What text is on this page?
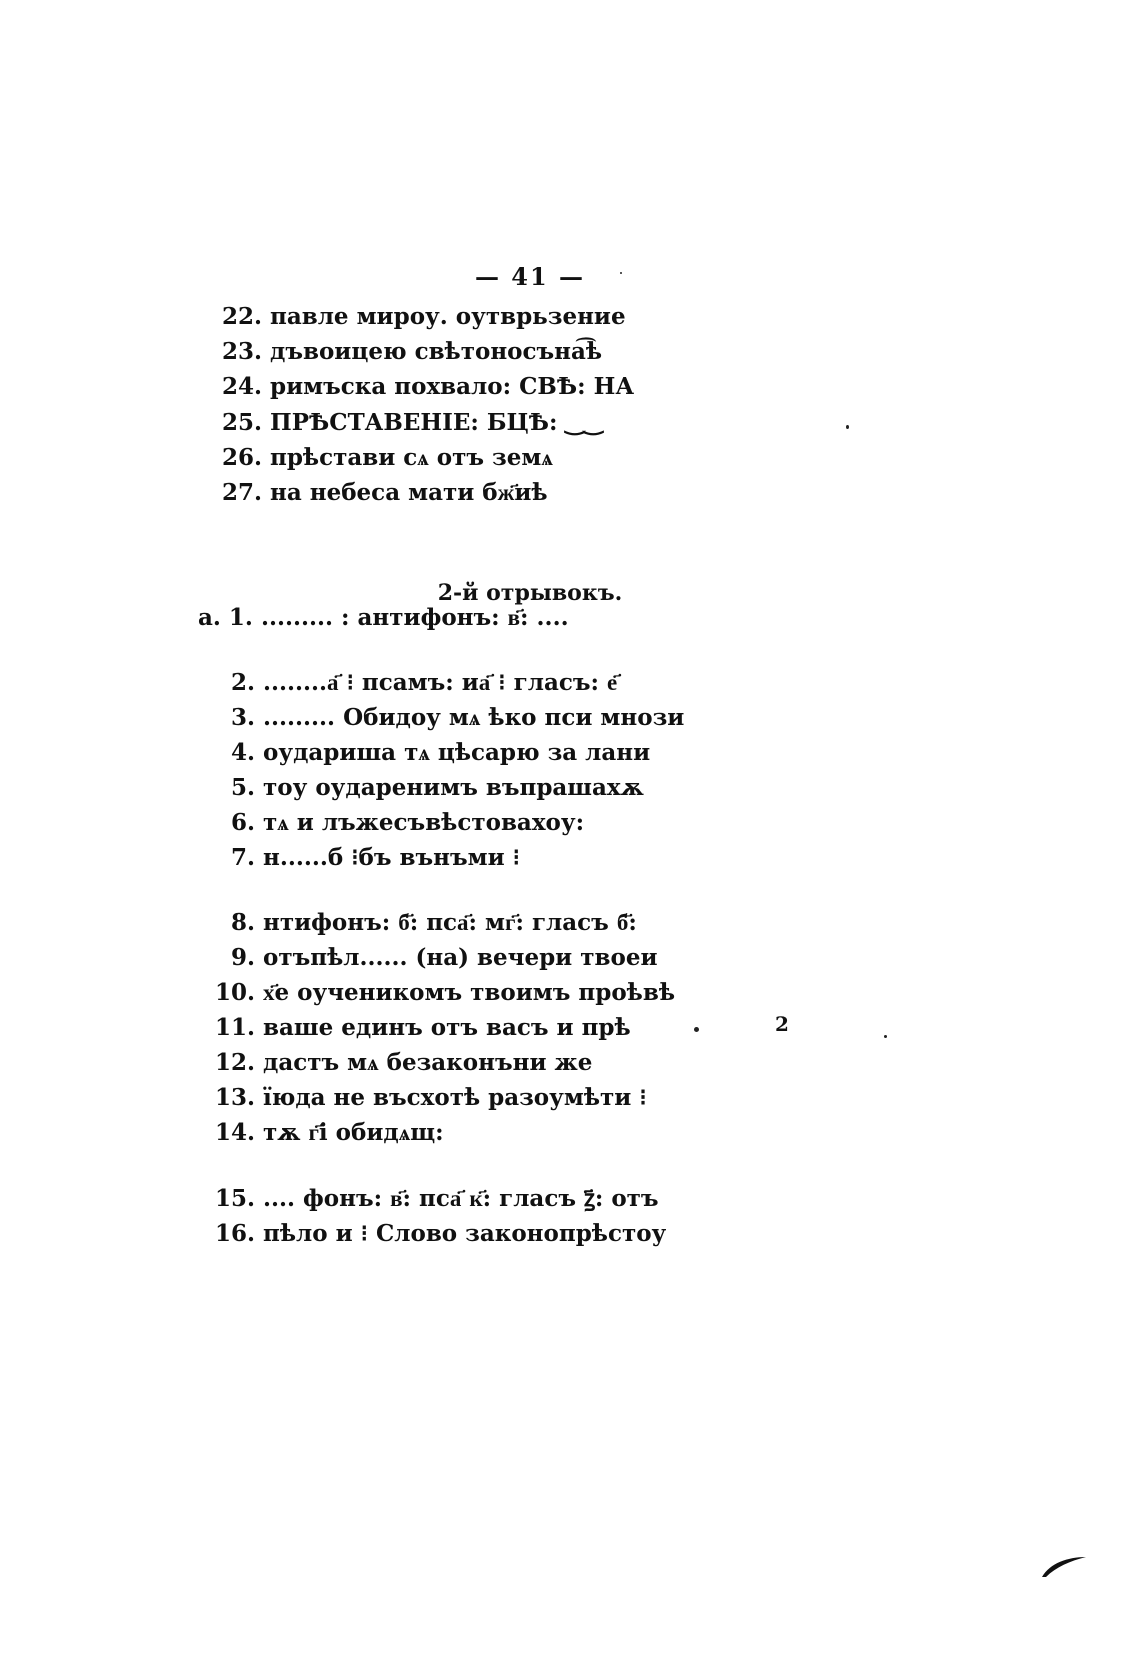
— 41 —
22. павле мироу. оутврьзение
23. дъвоицею свѣтоносъна͡ѣ
24. римъска похвало: СВѢ: НА
25. ПРѢСТАВЕНІЕ: БЦѢ: ‿‿
26. прѣстави сѧ отъ земѧ
27. на небеса мати бж҃иѣ
2-й отрывокъ.
а. 1. ......... : антифонъ: в҃: ....
2. ........а҃ ⁝ псамъ: иа҃ ⁝ гласъ: е҃
3. ......... Обидоу мѧ ѣко пси мнози
4. оудариша тѧ цѣсарю за лани
5. тоу оударенимъ въпрашахѫ
6. тѧ и лъжесъвѣстовахоу:
7. н......б ⁝бъ вънъми ⁝
8. нтифонъ: б҃: пса҃: мг҃: гласъ б҃:
9. отъпѣл...... (на) вечери твоеи
10. х҃е оученикомъ твоимъ проѣвѣ
11. ваше единъ отъ васъ и прѣ
12. дастъ мѧ безаконъни же
13. їюда не въсхотѣ разоумѣти ⁝
14. тѫ г҃і обидѧщ:
15. .... фонъ: в҃: пса҃ к҃: гласъ ꙁ҃: отъ
16. пѣло и ⁝ Слово законопрѣстоу
2
